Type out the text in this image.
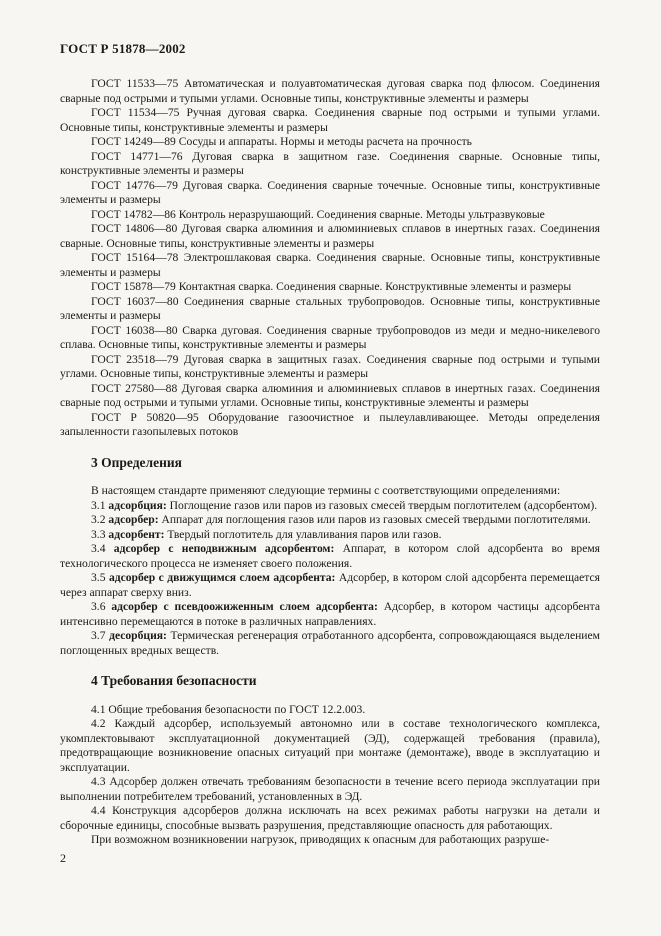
ГОСТ Р 51878—2002

ГОСТ 11533—75 Автоматическая и полуавтоматическая дуговая сварка под флюсом. Соединения сварные под острыми и тупыми углами. Основные типы, конструктивные элементы и размеры

ГОСТ 11534—75 Ручная дуговая сварка. Соединения сварные под острыми и тупыми углами. Основные типы, конструктивные элементы и размеры

ГОСТ 14249—89 Сосуды и аппараты. Нормы и методы расчета на прочность

ГОСТ 14771—76 Дуговая сварка в защитном газе. Соединения сварные. Основные типы, конструктивные элементы и размеры

ГОСТ 14776—79 Дуговая сварка. Соединения сварные точечные. Основные типы, конструктивные элементы и размеры

ГОСТ 14782—86 Контроль неразрушающий. Соединения сварные. Методы ультразвуковые

ГОСТ 14806—80 Дуговая сварка алюминия и алюминиевых сплавов в инертных газах. Соединения сварные. Основные типы, конструктивные элементы и размеры

ГОСТ 15164—78 Электрошлаковая сварка. Соединения сварные. Основные типы, конструктивные элементы и размеры

ГОСТ 15878—79 Контактная сварка. Соединения сварные. Конструктивные элементы и размеры

ГОСТ 16037—80 Соединения сварные стальных трубопроводов. Основные типы, конструктивные элементы и размеры

ГОСТ 16038—80 Сварка дуговая. Соединения сварные трубопроводов из меди и медно-никелевого сплава. Основные типы, конструктивные элементы и размеры

ГОСТ 23518—79 Дуговая сварка в защитных газах. Соединения сварные под острыми и тупыми углами. Основные типы, конструктивные элементы и размеры

ГОСТ 27580—88 Дуговая сварка алюминия и алюминиевых сплавов в инертных газах. Соединения сварные под острыми и тупыми углами. Основные типы, конструктивные элементы и размеры

ГОСТ Р 50820—95 Оборудование газоочистное и пылеулавливающее. Методы определения запыленности газопылевых потоков

3 Определения

В настоящем стандарте применяют следующие термины с соответствующими определениями:

3.1 адсорбция: Поглощение газов или паров из газовых смесей твердым поглотителем (адсорбентом).

3.2 адсорбер: Аппарат для поглощения газов или паров из газовых смесей твердыми поглотителями.

3.3 адсорбент: Твердый поглотитель для улавливания паров или газов.

3.4 адсорбер с неподвижным адсорбентом: Аппарат, в котором слой адсорбента во время технологического процесса не изменяет своего положения.

3.5 адсорбер с движущимся слоем адсорбента: Адсорбер, в котором слой адсорбента перемещается через аппарат сверху вниз.

3.6 адсорбер с псевдоожиженным слоем адсорбента: Адсорбер, в котором частицы адсорбента интенсивно перемещаются в потоке в различных направлениях.

3.7 десорбция: Термическая регенерация отработанного адсорбента, сопровождающаяся выделением поглощенных вредных веществ.

4 Требования безопасности

4.1 Общие требования безопасности по ГОСТ 12.2.003.

4.2 Каждый адсорбер, используемый автономно или в составе технологического комплекса, укомплектовывают эксплуатационной документацией (ЭД), содержащей требования (правила), предотвращающие возникновение опасных ситуаций при монтаже (демонтаже), вводе в эксплуатацию и эксплуатации.

4.3 Адсорбер должен отвечать требованиям безопасности в течение всего периода эксплуатации при выполнении потребителем требований, установленных в ЭД.

4.4 Конструкция адсорберов должна исключать на всех режимах работы нагрузки на детали и сборочные единицы, способные вызвать разрушения, представляющие опасность для работающих.

При возможном возникновении нагрузок, приводящих к опасным для работающих разруше-

2
